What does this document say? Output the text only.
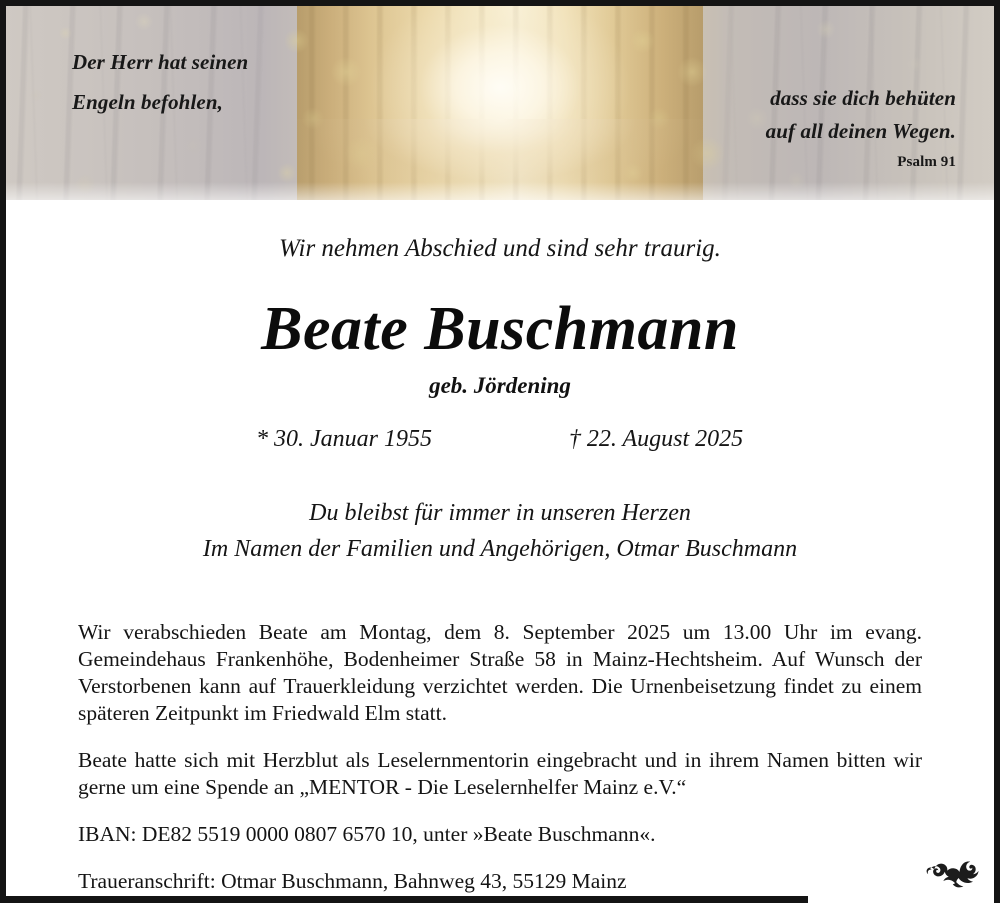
Der Herr hat seinen
Engeln befohlen,	dass sie dich behüten
auf all deinen Wegen.
Psalm 91
Wir nehmen Abschied und sind sehr traurig.
Beate Buschmann
geb. Jördening
* 30. Januar 1955	† 22. August 2025
Du bleibst für immer in unseren Herzen
Im Namen der Familien und Angehörigen, Otmar Buschmann

Wir verabschieden Beate am Montag, dem 8. September 2025 um 13.00 Uhr im evang. Gemeindehaus Frankenhöhe, Bodenheimer Straße 58 in Mainz-Hechtsheim. Auf Wunsch der Verstorbenen kann auf Trauerkleidung verzichtet werden. Die Urnenbeisetzung findet zu einem späteren Zeitpunkt im Friedwald Elm statt.

Beate hatte sich mit Herzblut als Leselernmentorin eingebracht und in ihrem Namen bitten wir gerne um eine Spende an „MENTOR - Die Leselernhelfer Mainz e.V.“

IBAN: DE82 5519 0000 0807 6570 10, unter »Beate Buschmann«.

Traueranschrift: Otmar Buschmann, Bahnweg 43, 55129 Mainz
